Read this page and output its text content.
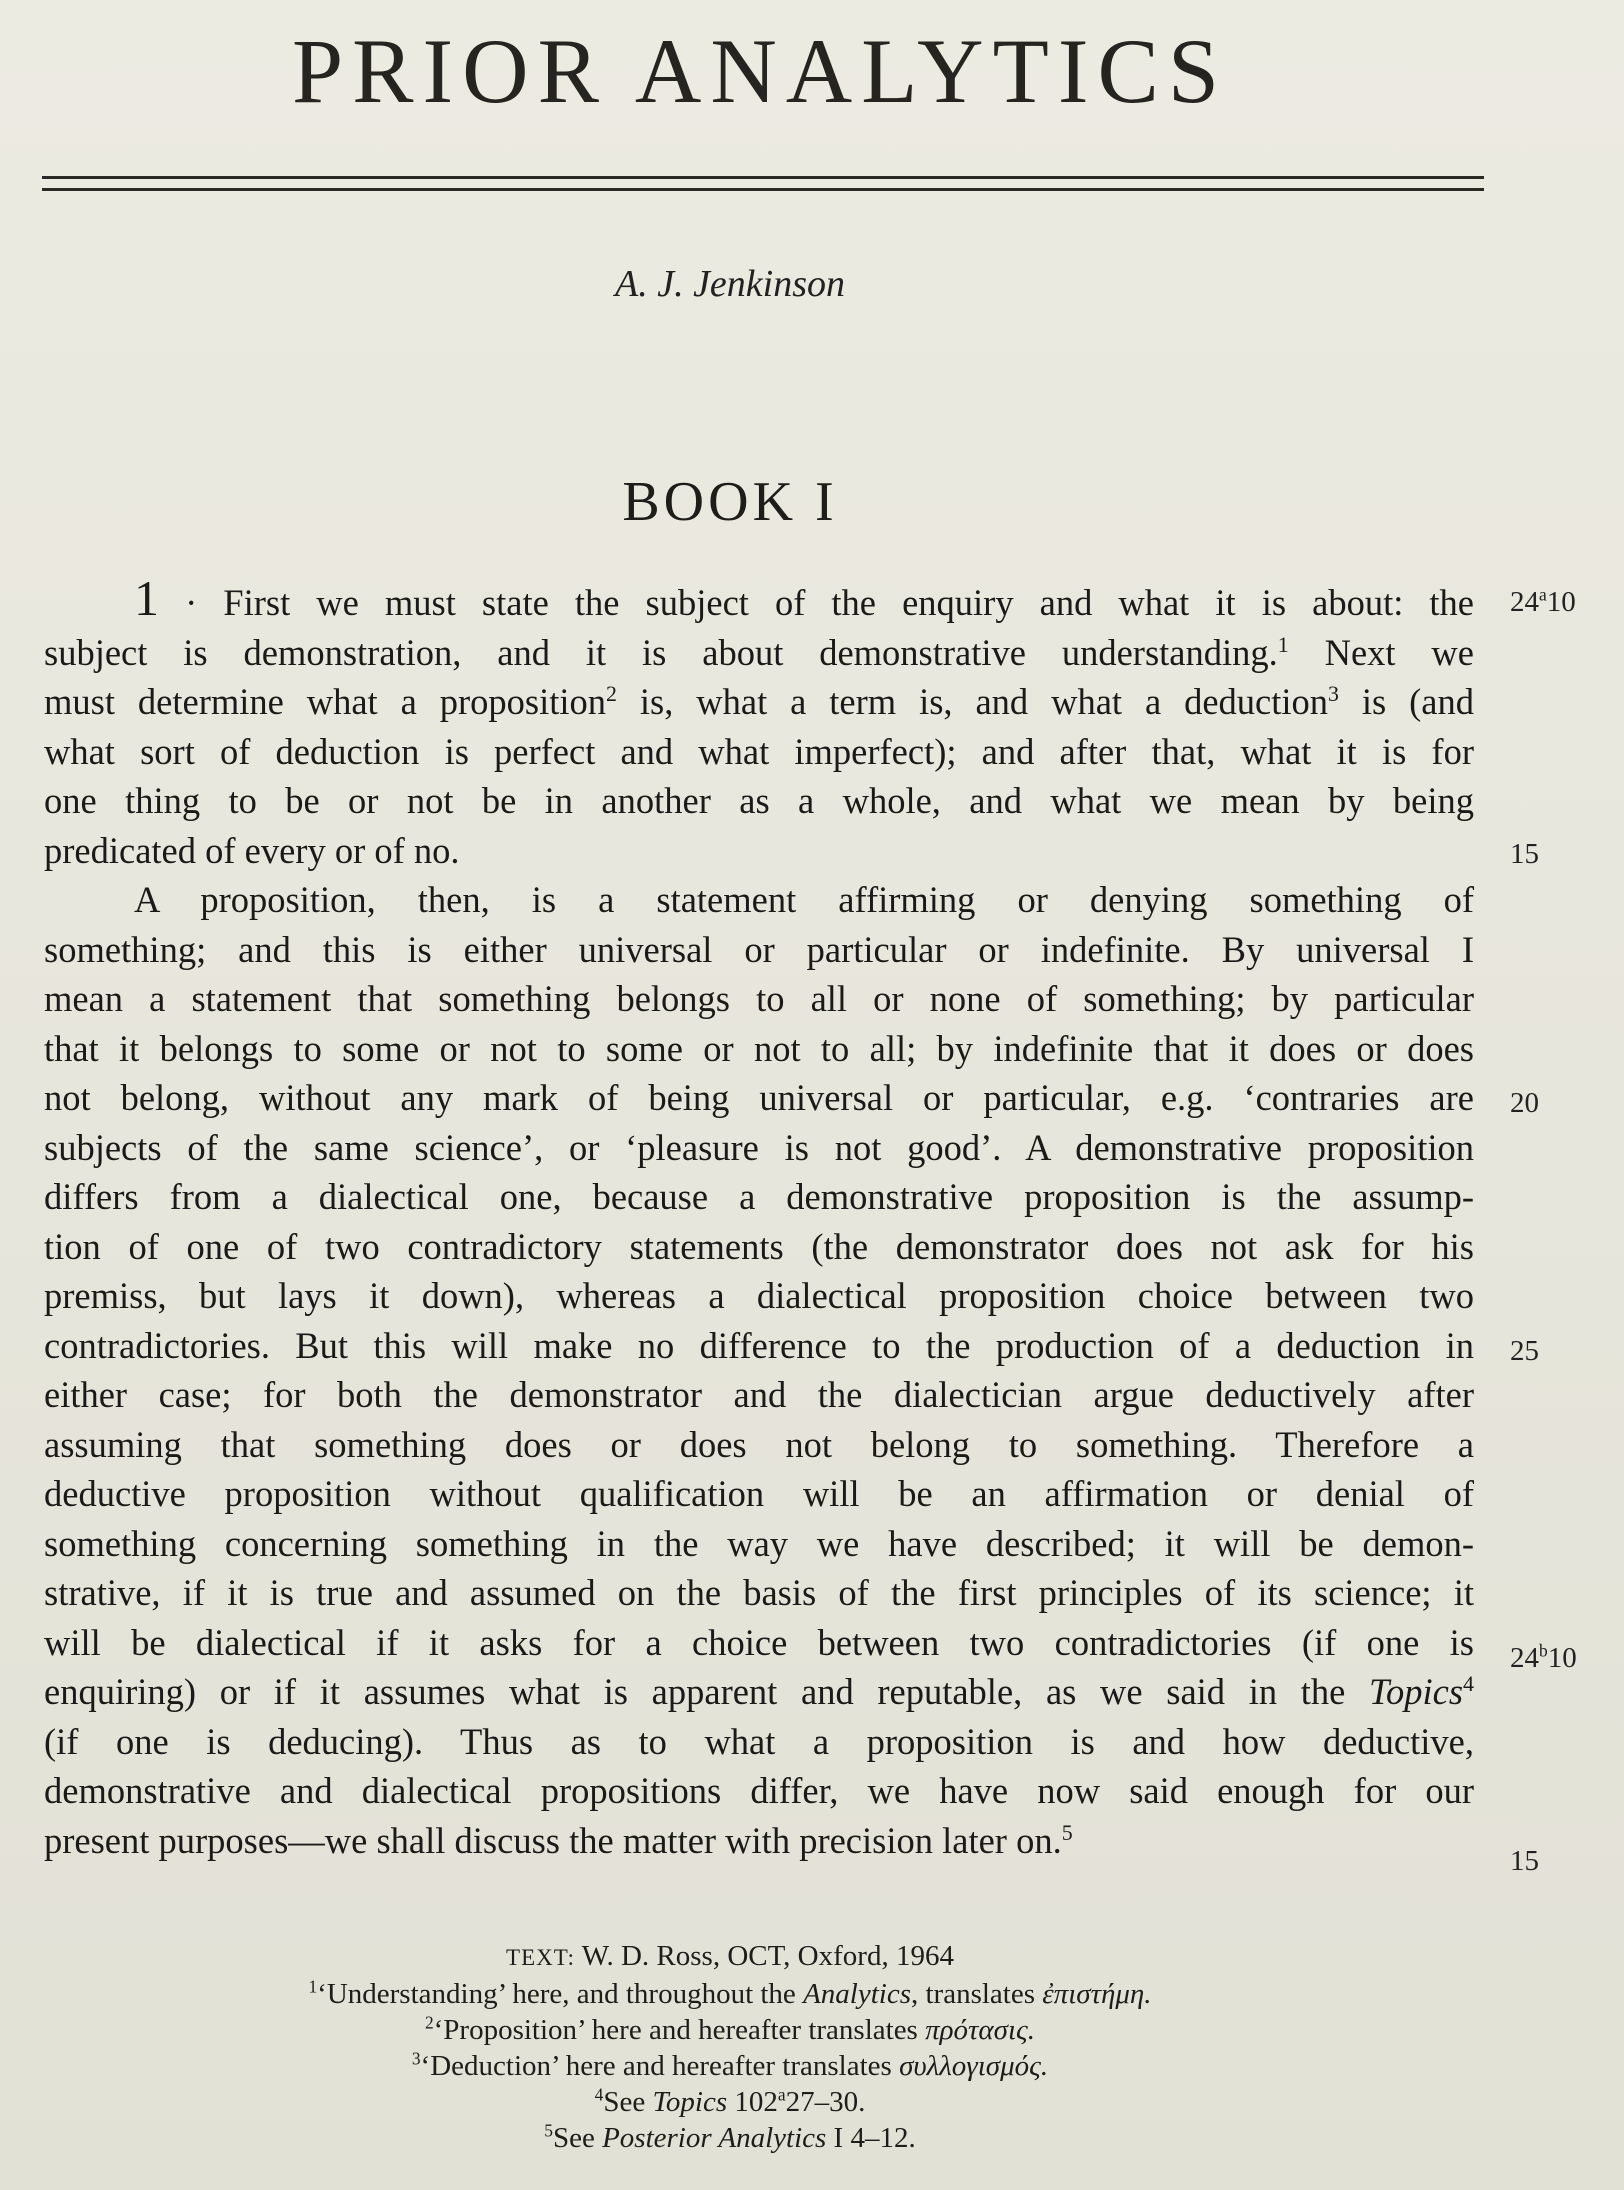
PRIOR ANALYTICS
A. J. Jenkinson
BOOK I
1 · First we must state the subject of the enquiry and what it is about: the
subject is demonstration, and it is about demonstrative understanding.$^1$ Next we
must determine what a proposition$^2$ is, what a term is, and what a deduction$^3$ is (and
what sort of deduction is perfect and what imperfect); and after that, what it is for
one thing to be or not be in another as a whole, and what we mean by being
predicated of every or of no.
A proposition, then, is a statement affirming or denying something of
something; and this is either universal or particular or indefinite. By universal I
mean a statement that something belongs to all or none of something; by particular
that it belongs to some or not to some or not to all; by indefinite that it does or does
not belong, without any mark of being universal or particular, e.g. ‘contraries are
subjects of the same science’, or ‘pleasure is not good’. A demonstrative proposition
differs from a dialectical one, because a demonstrative proposition is the assump-
tion of one of two contradictory statements (the demonstrator does not ask for his
premiss, but lays it down), whereas a dialectical proposition choice between two
contradictories. But this will make no difference to the production of a deduction in
either case; for both the demonstrator and the dialectician argue deductively after
assuming that something does or does not belong to something. Therefore a
deductive proposition without qualification will be an affirmation or denial of
something concerning something in the way we have described; it will be demon-
strative, if it is true and assumed on the basis of the first principles of its science; it
will be dialectical if it asks for a choice between two contradictories (if one is
enquiring) or if it assumes what is apparent and reputable, as we said in the Topics$^4$
(if one is deducing). Thus as to what a proposition is and how deductive,
demonstrative and dialectical propositions differ, we have now said enough for our
present purposes—we shall discuss the matter with precision later on.$^5$
24$^a$10
15
20
25
24$^b$10
15
TEXT: W. D. Ross, OCT, Oxford, 1964
$^1$‘Understanding’ here, and throughout the Analytics, translates ἐπιστήμη.
$^2$‘Proposition’ here and hereafter translates πρότασις.
$^3$‘Deduction’ here and hereafter translates συλλογισμός.
$^4$See Topics 102$^a$27–30.
$^5$See Posterior Analytics I 4–12.
